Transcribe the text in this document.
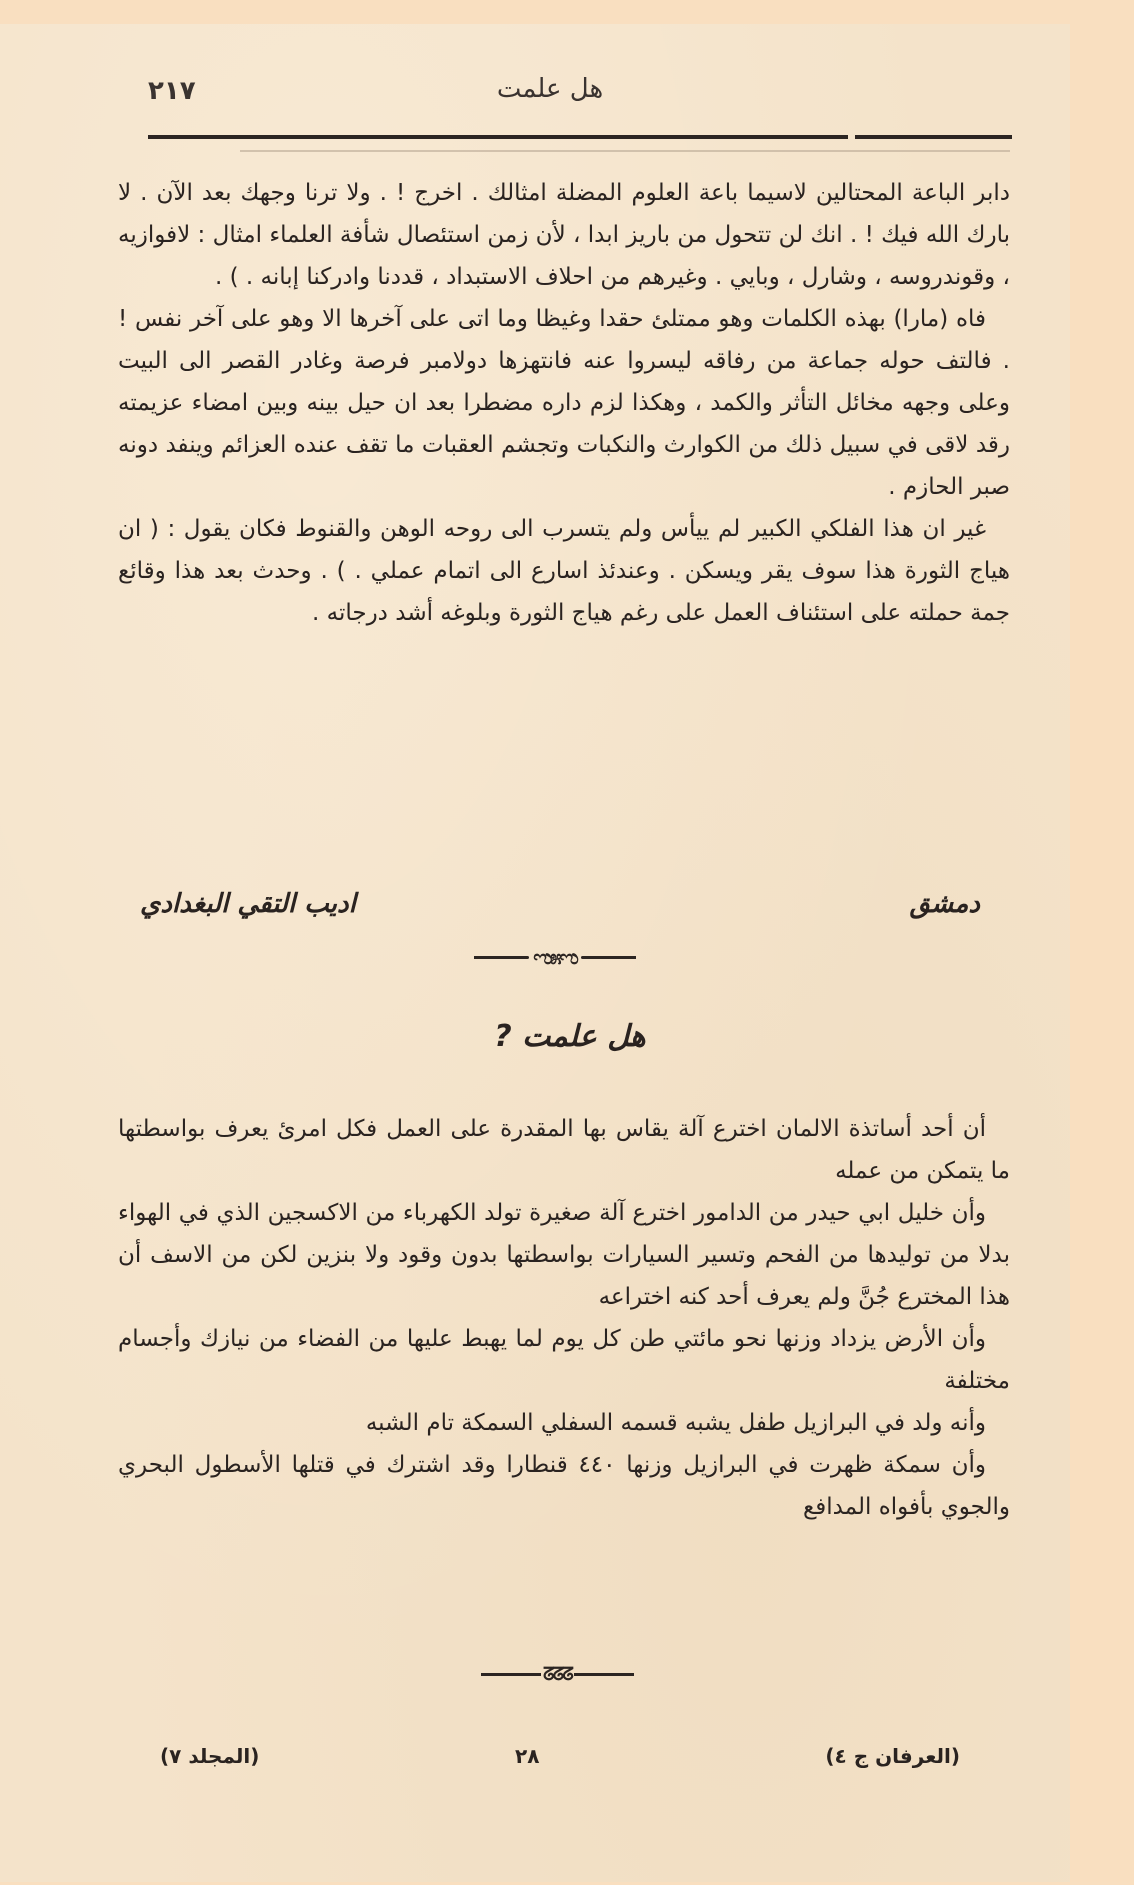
٢١٧	هل علمت

دابر الباعة المحتالين لاسيما باعة العلوم المضلة امثالك . اخرج ! . ولا ترنا وجهك بعد الآن . لا بارك الله فيك ! . انك لن تتحول من باريز ابدا ، لأن زمن استئصال شأفة العلماء امثال : لافوازيه ، وقوندروسه ، وشارل ، وبايي . وغيرهم من احلاف الاستبداد ، قددنا وادركنا إبانه . ) .

فاه (مارا) بهذه الكلمات وهو ممتلئ حقدا وغيظا وما اتى على آخرها الا وهو على آخر نفس ! . فالتف حوله جماعة من رفاقه ليسروا عنه فانتهزها دولامبر فرصة وغادر القصر الى البيت وعلى وجهه مخائل التأثر والكمد ، وهكذا لزم داره مضطرا بعد ان حيل بينه وبين امضاء عزيمته رقد لاقى في سبيل ذلك من الكوارث والنكبات وتجشم العقبات ما تقف عنده العزائم وينفد دونه صبر الحازم .

غير ان هذا الفلكي الكبير لم ييأس ولم يتسرب الى روحه الوهن والقنوط فكان يقول : ( ان هياج الثورة هذا سوف يقر ويسكن . وعندئذ اسارع الى اتمام عملي . ) . وحدث بعد هذا وقائع جمة حملته على استئناف العمل على رغم هياج الثورة وبلوغه أشد درجاته .

دمشق
اديب التقي البغدادي
ಌ೫ಌ
هل علمت ?

أن أحد أساتذة الالمان اخترع آلة يقاس بها المقدرة على العمل فكل امرئ يعرف بواسطتها ما يتمكن من عمله

وأن خليل ابي حيدر من الدامور اخترع آلة صغيرة تولد الكهرباء من الاكسجين الذي في الهواء بدلا من توليدها من الفحم وتسير السيارات بواسطتها بدون وقود ولا بنزين لكن من الاسف أن هذا المخترع جُنَّ ولم يعرف أحد كنه اختراعه

وأن الأرض يزداد وزنها نحو مائتي طن كل يوم لما يهبط عليها من الفضاء من نيازك وأجسام مختلفة

وأنه ولد في البرازيل طفل يشبه قسمه السفلي السمكة تام الشبه

وأن سمكة ظهرت في البرازيل وزنها ٤٤٠ قنطارا وقد اشترك في قتلها الأسطول البحري والجوي بأفواه المدافع

ᘔᘔᘔ
(العرفان ج ٤)
٢٨
(المجلد ٧)
